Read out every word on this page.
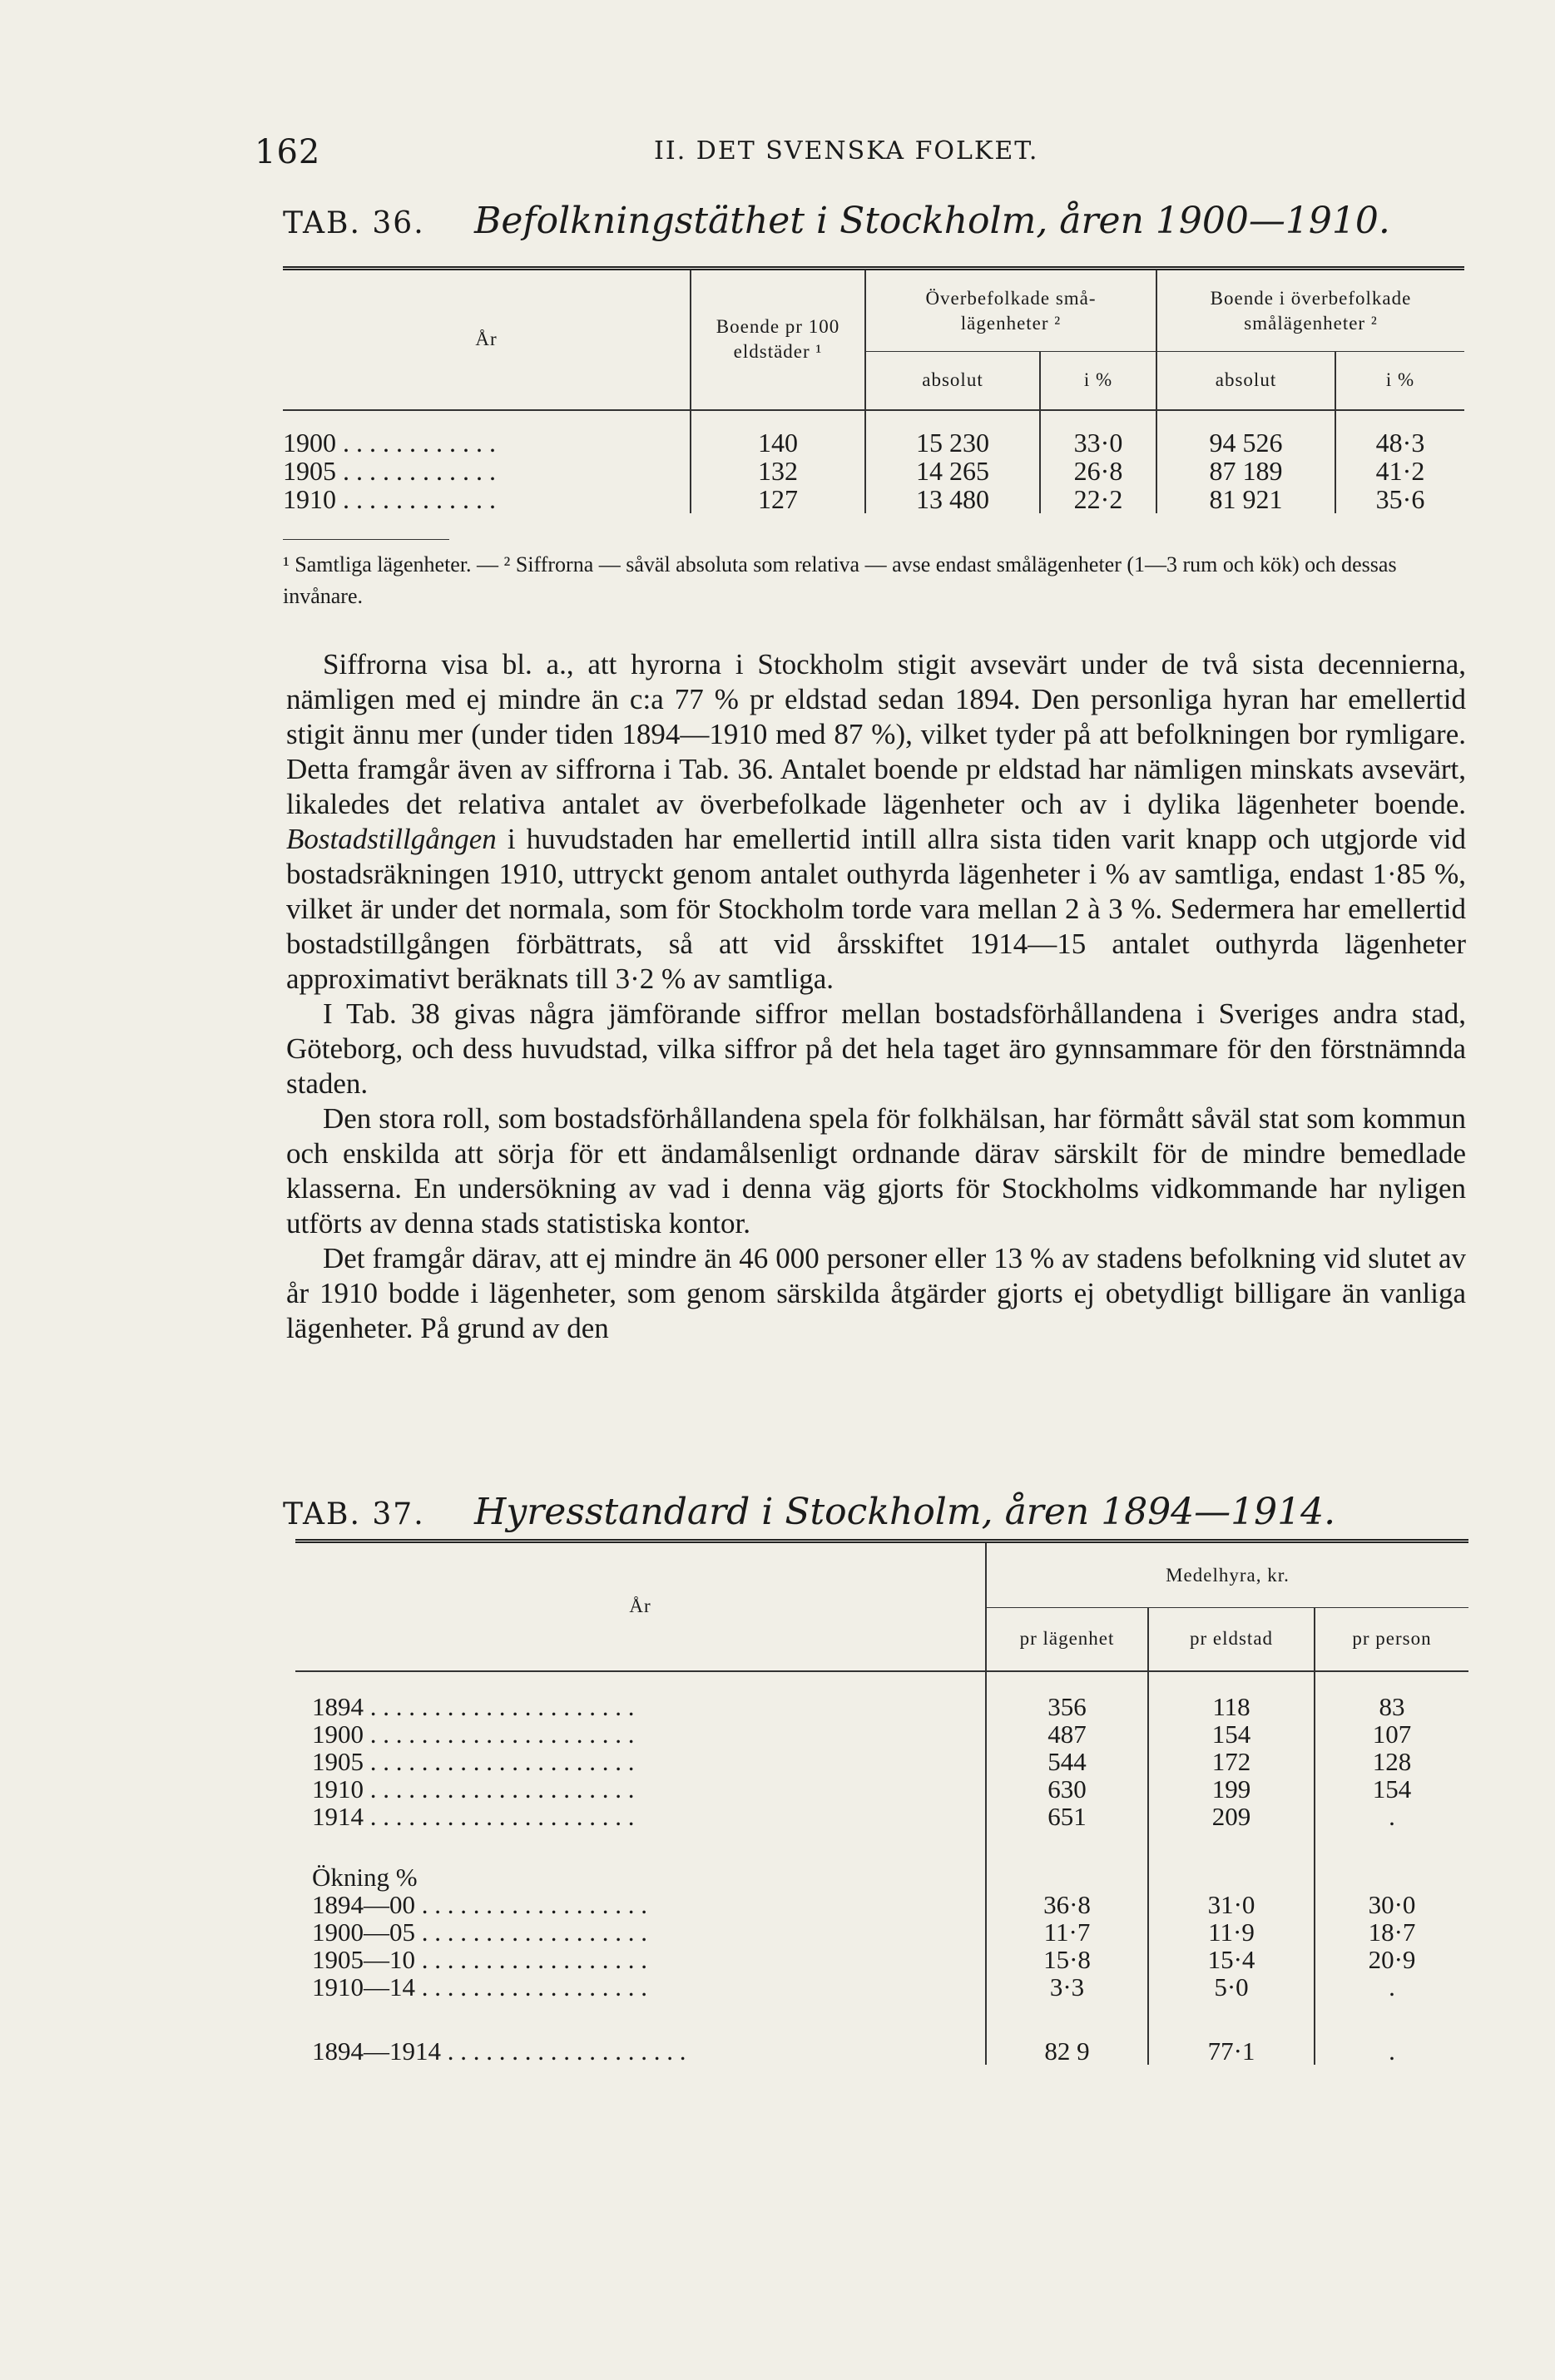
162	II. DET SVENSKA FOLKET.
TAB. 36. Befolkningstäthet i Stockholm, åren 1900—1910.
År	Boende pr 100 eldstäder ¹	Överbefolkade små-lägenheter ²		Boende i överbefolkade smålägenheter ²	
		absolut	i %	absolut	i %

1900 . . . . . . . . . . . .	140	15 230	33·0	94 526	48·3
1905 . . . . . . . . . . . .	132	14 265	26·8	87 189	41·2
1910 . . . . . . . . . . . .	127	13 480	22·2	81 921	35·6
¹ Samtliga lägenheter. — ² Siffrorna — såväl absoluta som relativa — avse endast smålägenheter (1—3 rum och kök) och dessas invånare.

Siffrorna visa bl. a., att hyrorna i Stockholm stigit avsevärt under de två sista decennierna, nämligen med ej mindre än c:a 77 % pr eldstad sedan 1894. Den personliga hyran har emellertid stigit ännu mer (under tiden 1894—1910 med 87 %), vilket tyder på att befolkningen bor rymligare. Detta framgår även av siffrorna i Tab. 36. Antalet boende pr eldstad har nämligen minskats avsevärt, likaledes det relativa antalet av överbefolkade lägenheter och av i dylika lägenheter boende. Bostadstillgången i huvudstaden har emellertid intill allra sista tiden varit knapp och utgjorde vid bostadsräkningen 1910, uttryckt genom antalet outhyrda lägenheter i % av samtliga, endast 1·85 %, vilket är under det normala, som för Stockholm torde vara mellan 2 à 3 %. Sedermera har emellertid bostadstillgången förbättrats, så att vid årsskiftet 1914—15 antalet outhyrda lägenheter approximativt beräknats till 3·2 % av samtliga.

I Tab. 38 givas några jämförande siffror mellan bostadsförhållandena i Sveriges andra stad, Göteborg, och dess huvudstad, vilka siffror på det hela taget äro gynnsammare för den förstnämnda staden.

Den stora roll, som bostadsförhållandena spela för folkhälsan, har förmått såväl stat som kommun och enskilda att sörja för ett ändamålsenligt ordnande därav särskilt för de mindre bemedlade klasserna. En undersökning av vad i denna väg gjorts för Stockholms vidkommande har nyligen utförts av denna stads statistiska kontor.

Det framgår därav, att ej mindre än 46 000 personer eller 13 % av stadens befolkning vid slutet av år 1910 bodde i lägenheter, som genom särskilda åtgärder gjorts ej obetydligt billigare än vanliga lägenheter. På grund av den

TAB. 37. Hyresstandard i Stockholm, åren 1894—1914.
År	Medelhyra, kr.		
	pr lägenhet	pr eldstad	pr person

1894 . . . . . . . . . . . . . . . . . . . . .	356	118	83
1900 . . . . . . . . . . . . . . . . . . . . .	487	154	107
1905 . . . . . . . . . . . . . . . . . . . . .	544	172	128
1910 . . . . . . . . . . . . . . . . . . . . .	630	199	154
1914 . . . . . . . . . . . . . . . . . . . . .	651	209	.

Ökning %			
1894—00 . . . . . . . . . . . . . . . . . .	36·8	31·0	30·0
1900—05 . . . . . . . . . . . . . . . . . .	11·7	11·9	18·7
1905—10 . . . . . . . . . . . . . . . . . .	15·8	15·4	20·9
1910—14 . . . . . . . . . . . . . . . . . .	3·3	5·0	.

1894—1914 . . . . . . . . . . . . . . . . . . .	82 9	77·1	.
